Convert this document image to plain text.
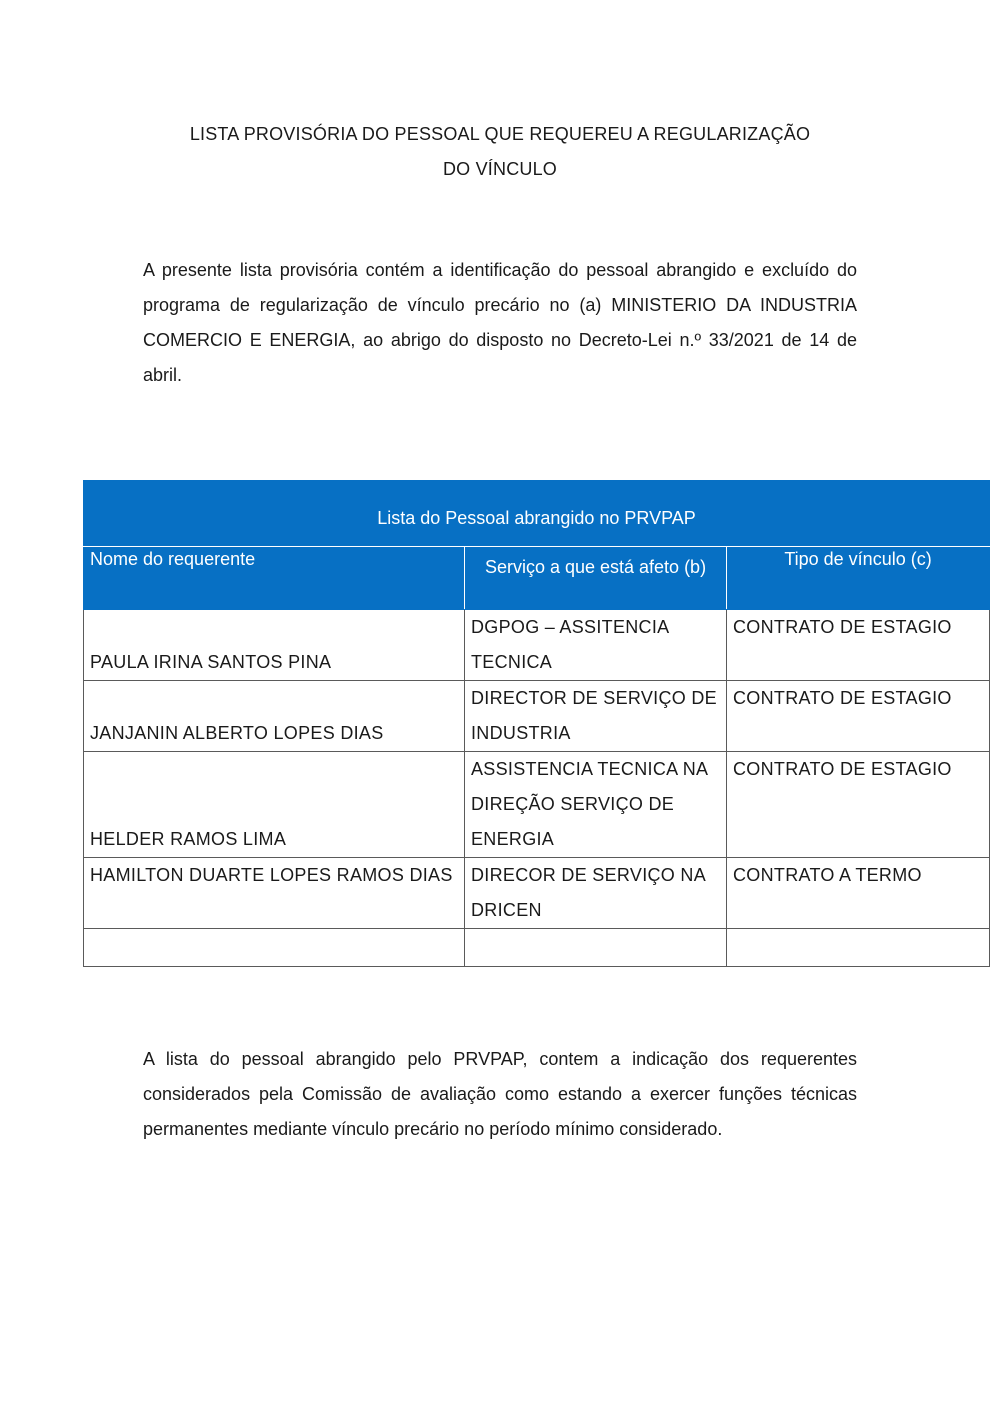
LISTA PROVISÓRIA DO PESSOAL QUE REQUEREU A REGULARIZAÇÃO
DO VÍNCULO

A presente lista provisória contém a identificação do pessoal abrangido e excluído do programa de regularização de vínculo precário no (a) MINISTERIO DA INDUSTRIA COMERCIO E ENERGIA, ao abrigo do disposto no Decreto-Lei n.º 33/2021 de 14 de abril.

Lista do Pessoal abrangido no PRVPAP		
Nome do requerente	Serviço a que está afeto (b)	Tipo de vínculo (c)
PAULA IRINA SANTOS PINA	DGPOG – ASSITENCIA TECNICA	CONTRATO DE ESTAGIO
JANJANIN ALBERTO LOPES DIAS	DIRECTOR DE SERVIÇO DE INDUSTRIA	CONTRATO DE ESTAGIO
HELDER RAMOS LIMA	ASSISTENCIA TECNICA NA DIREÇÃO SERVIÇO DE ENERGIA	CONTRATO DE ESTAGIO
HAMILTON DUARTE LOPES RAMOS DIAS	DIRECOR DE SERVIÇO NA DRICEN	CONTRATO A TERMO

A lista do pessoal abrangido pelo PRVPAP, contem a indicação dos requerentes considerados pela Comissão de avaliação como estando a exercer funções técnicas permanentes mediante vínculo precário no período mínimo considerado.
